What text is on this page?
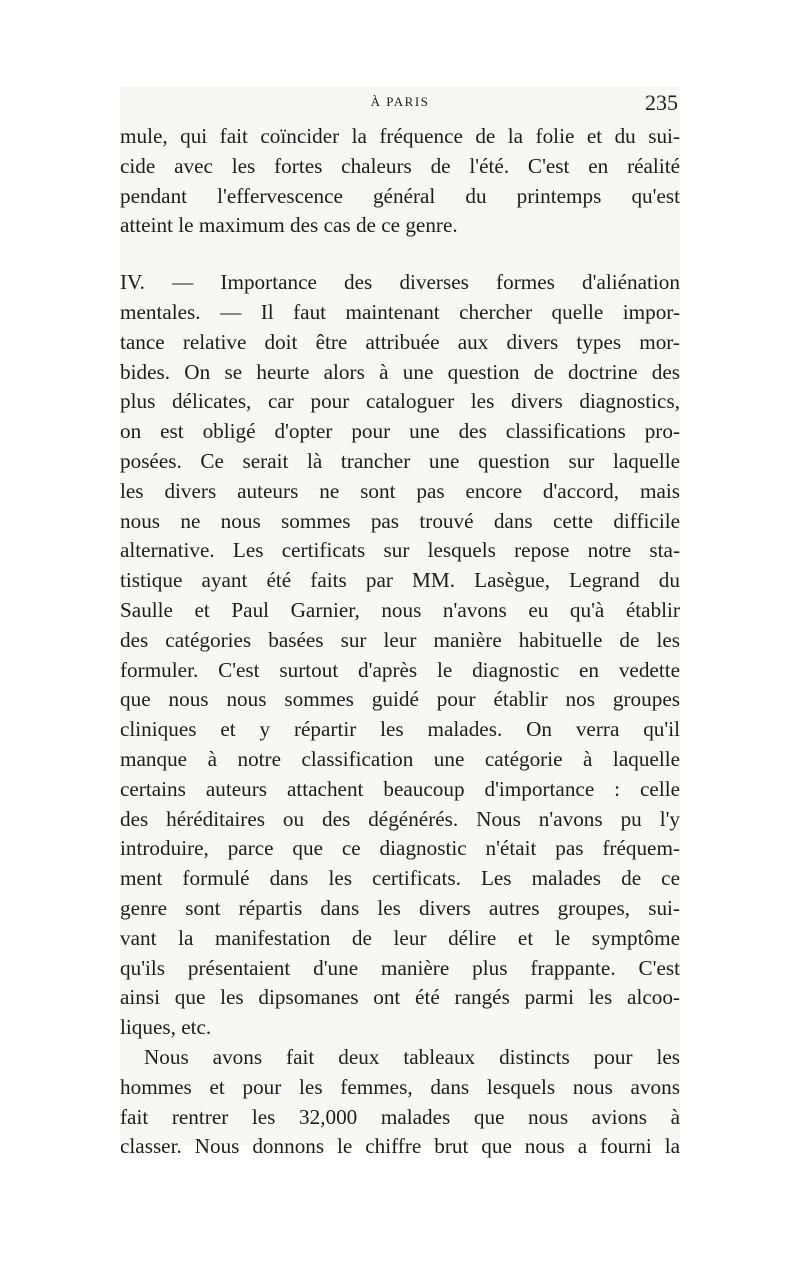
À PARIS	235
mule, qui fait coïncider la fréquence de la folie et du sui-
cide avec les fortes chaleurs de l'été. C'est en réalité
pendant l'effervescence général du printemps qu'est
atteint le maximum des cas de ce genre.
IV. — Importance des diverses formes d'aliénation
mentales. — Il faut maintenant chercher quelle impor-
tance relative doit être attribuée aux divers types mor-
bides. On se heurte alors à une question de doctrine des
plus délicates, car pour cataloguer les divers diagnostics,
on est obligé d'opter pour une des classifications pro-
posées. Ce serait là trancher une question sur laquelle
les divers auteurs ne sont pas encore d'accord, mais
nous ne nous sommes pas trouvé dans cette difficile
alternative. Les certificats sur lesquels repose notre sta-
tistique ayant été faits par MM. Lasègue, Legrand du
Saulle et Paul Garnier, nous n'avons eu qu'à établir
des catégories basées sur leur manière habituelle de les
formuler. C'est surtout d'après le diagnostic en vedette
que nous nous sommes guidé pour établir nos groupes
cliniques et y répartir les malades. On verra qu'il
manque à notre classification une catégorie à laquelle
certains auteurs attachent beaucoup d'importance : celle
des héréditaires ou des dégénérés. Nous n'avons pu l'y
introduire, parce que ce diagnostic n'était pas fréquem-
ment formulé dans les certificats. Les malades de ce
genre sont répartis dans les divers autres groupes, sui-
vant la manifestation de leur délire et le symptôme
qu'ils présentaient d'une manière plus frappante. C'est
ainsi que les dipsomanes ont été rangés parmi les alcoo-
liques, etc.
Nous avons fait deux tableaux distincts pour les
hommes et pour les femmes, dans lesquels nous avons
fait rentrer les 32,000 malades que nous avions à
classer. Nous donnons le chiffre brut que nous a fourni la
